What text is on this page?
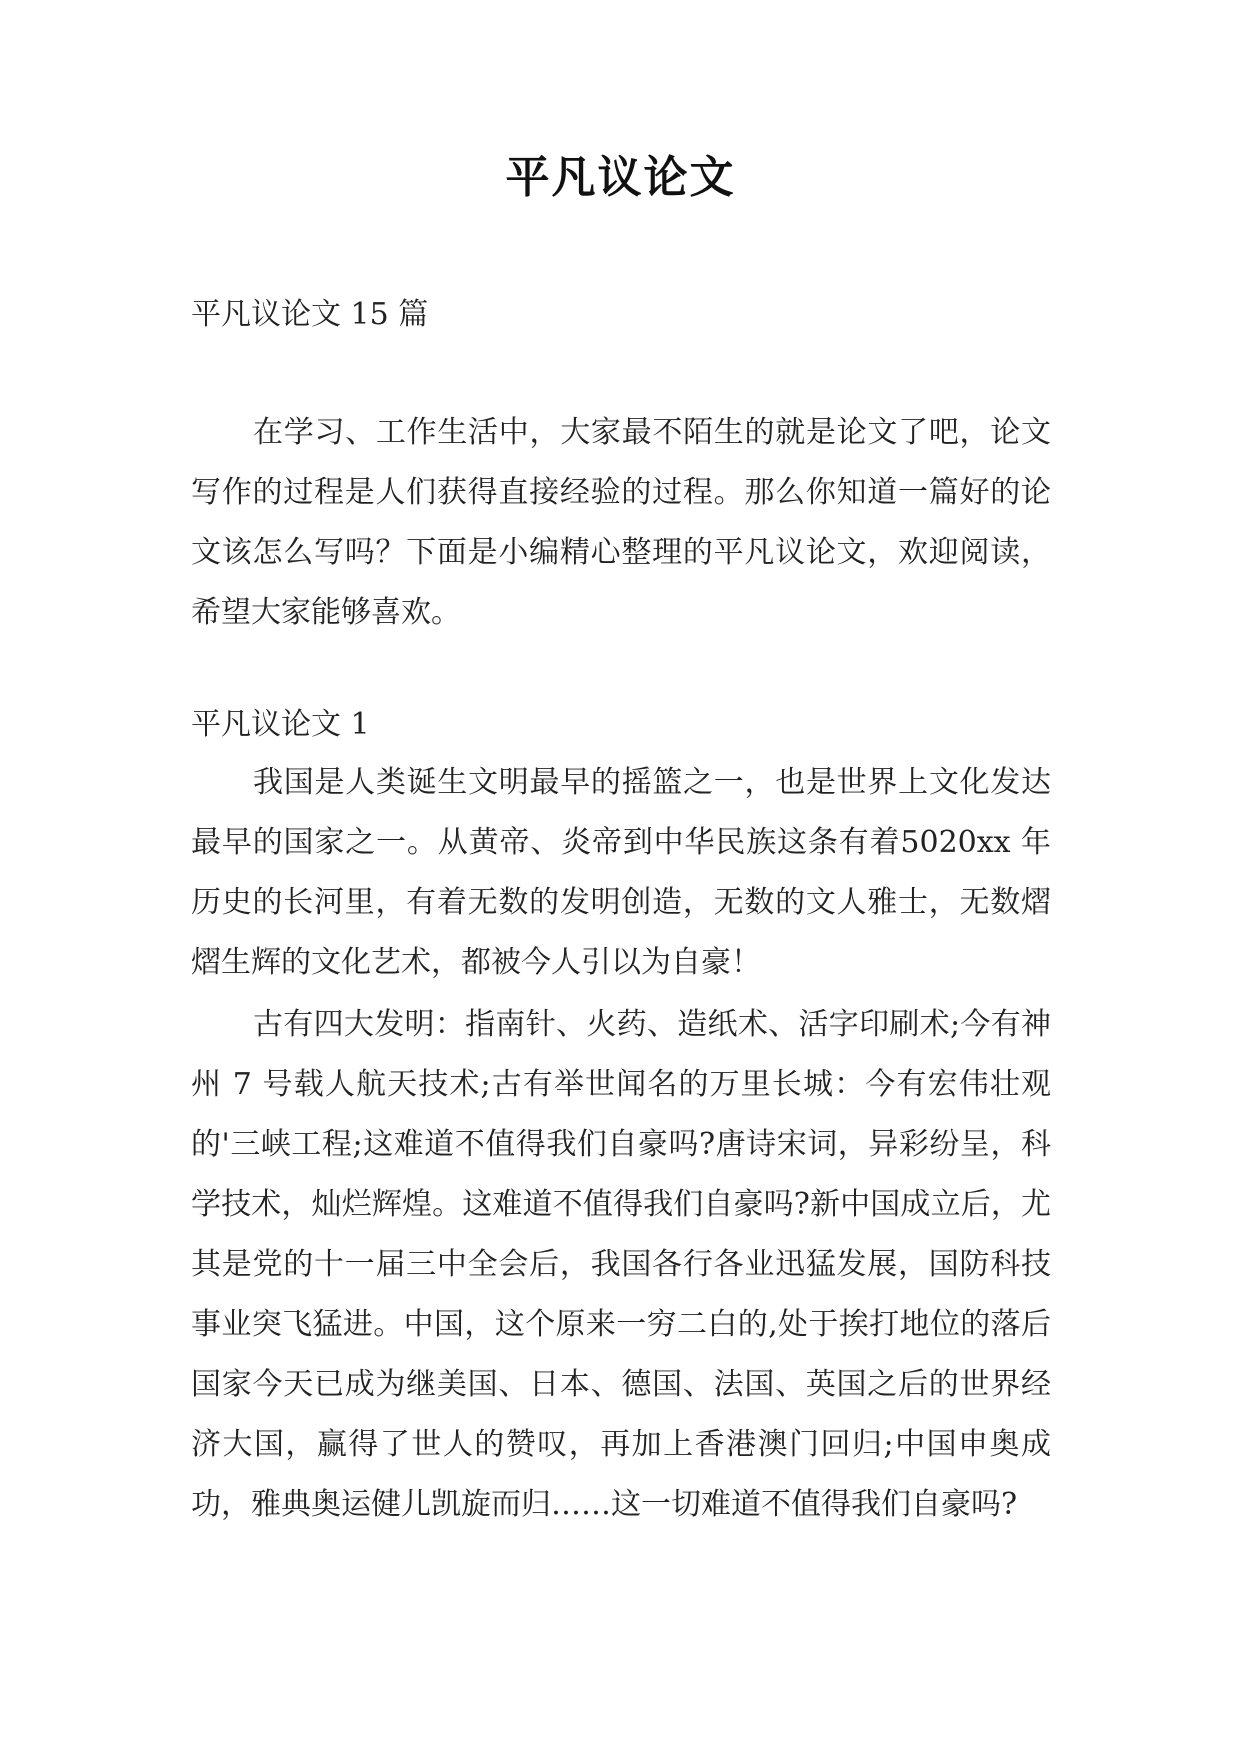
平凡议论文
平凡议论文 15 篇

在学习、工作生活中，大家最不陌生的就是论文了吧，论文写作的过程是人们获得直接经验的过程。那么你知道一篇好的论文该怎么写吗？下面是小编精心整理的平凡议论文，欢迎阅读，希望大家能够喜欢。

平凡议论文 1

我国是人类诞生文明最早的摇篮之一，也是世界上文化发达最早的国家之一。从黄帝、炎帝到中华民族这条有着5020xx 年历史的长河里，有着无数的发明创造，无数的文人雅士，无数熠熠生辉的文化艺术，都被今人引以为自豪！

古有四大发明：指南针、火药、造纸术、活字印刷术;今有神州 7 号载人航天技术;古有举世闻名的万里长城：今有宏伟壮观的'三峡工程;这难道不值得我们自豪吗?唐诗宋词，异彩纷呈，科学技术，灿烂辉煌。这难道不值得我们自豪吗?新中国成立后，尤其是党的十一届三中全会后，我国各行各业迅猛发展，国防科技事业突飞猛进。中国，这个原来一穷二白的,处于挨打地位的落后国家今天已成为继美国、日本、德国、法国、英国之后的世界经济大国，赢得了世人的赞叹，再加上香港澳门回归;中国申奥成功，雅典奥运健儿凯旋而归……这一切难道不值得我们自豪吗?
